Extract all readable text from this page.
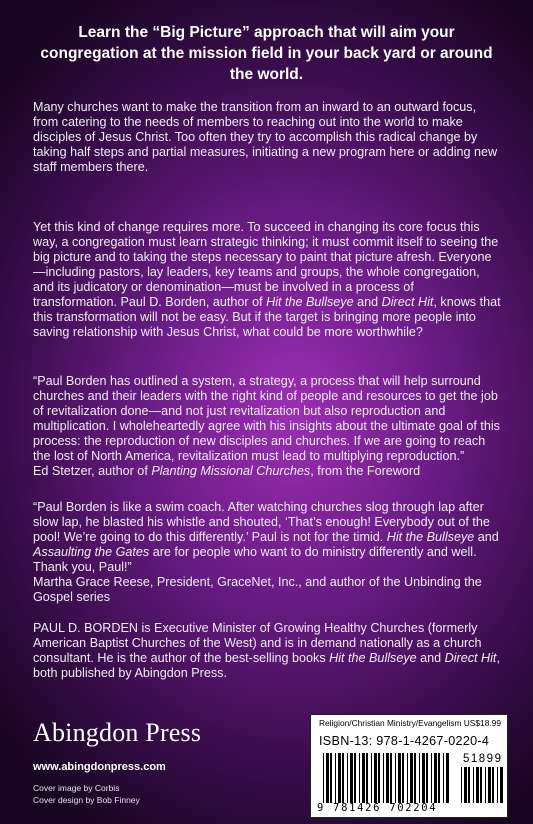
Learn the “Big Picture” approach that will aim your congregation at the mission field in your back yard or around the world.

Many churches want to make the transition from an inward to an outward focus, from catering to the needs of members to reaching out into the world to make disciples of Jesus Christ. Too often they try to accomplish this radical change by taking half steps and partial measures, initiating a new program here or adding new staff members there.

Yet this kind of change requires more. To succeed in changing its core focus this way, a congregation must learn strategic thinking; it must commit itself to seeing the big picture and to taking the steps necessary to paint that picture afresh. Everyone—including pastors, lay leaders, key teams and groups, the whole congregation, and its judicatory or denomination—must be involved in a process of transformation. Paul D. Borden, author of Hit the Bullseye and Direct Hit, knows that this transformation will not be easy. But if the target is bringing more people into saving relationship with Jesus Christ, what could be more worthwhile?

“Paul Borden has outlined a system, a strategy, a process that will help surround churches and their leaders with the right kind of people and resources to get the job of revitalization done—and not just revitalization but also reproduction and multiplication. I wholeheartedly agree with his insights about the ultimate goal of this process: the reproduction of new disciples and churches. If we are going to reach the lost of North America, revitalization must lead to multiplying reproduction.”
Ed Stetzer, author of Planting Missional Churches, from the Foreword

“Paul Borden is like a swim coach. After watching churches slog through lap after slow lap, he blasted his whistle and shouted, ‘That’s enough! Everybody out of the pool! We’re going to do this differently.’ Paul is not for the timid. Hit the Bullseye and Assaulting the Gates are for people who want to do ministry differently and well. Thank you, Paul!”
Martha Grace Reese, President, GraceNet, Inc., and author of the Unbinding the Gospel series

PAUL D. BORDEN is Executive Minister of Growing Healthy Churches (formerly American Baptist Churches of the West) and is in demand nationally as a church consultant. He is the author of the best-selling books Hit the Bullseye and Direct Hit, both published by Abingdon Press.

Abingdon Press
www.abingdonpress.com
Cover image by Corbis
Cover design by Bob Finney
Religion/Christian Ministry/Evangelism US$18.99
ISBN-13: 978-1-4267-0220-4
51899
9 781426 702204
